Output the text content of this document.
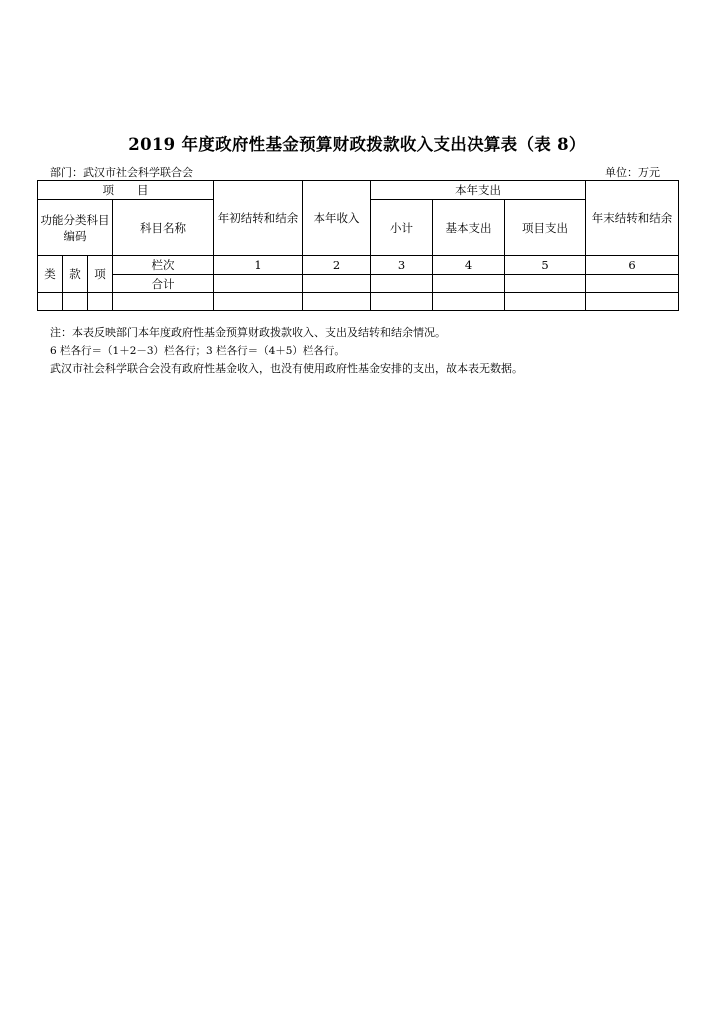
2019 年度政府性基金预算财政拨款收入支出决算表（表 8）
部门：武汉市社会科学联合会	单位：万元
项　　目				年初结转和结余	本年收入	本年支出			年末结转和结余
功能分类科目编码			科目名称			小计	基本支出	项目支出	

类	款	项	栏次	1	2	3	4	5	6
			合计						

注：本表反映部门本年度政府性基金预算财政拨款收入、支出及结转和结余情况。
6 栏各行＝（1＋2－3）栏各行；3 栏各行＝（4＋5）栏各行。
武汉市社会科学联合会没有政府性基金收入，也没有使用政府性基金安排的支出，故本表无数据。
